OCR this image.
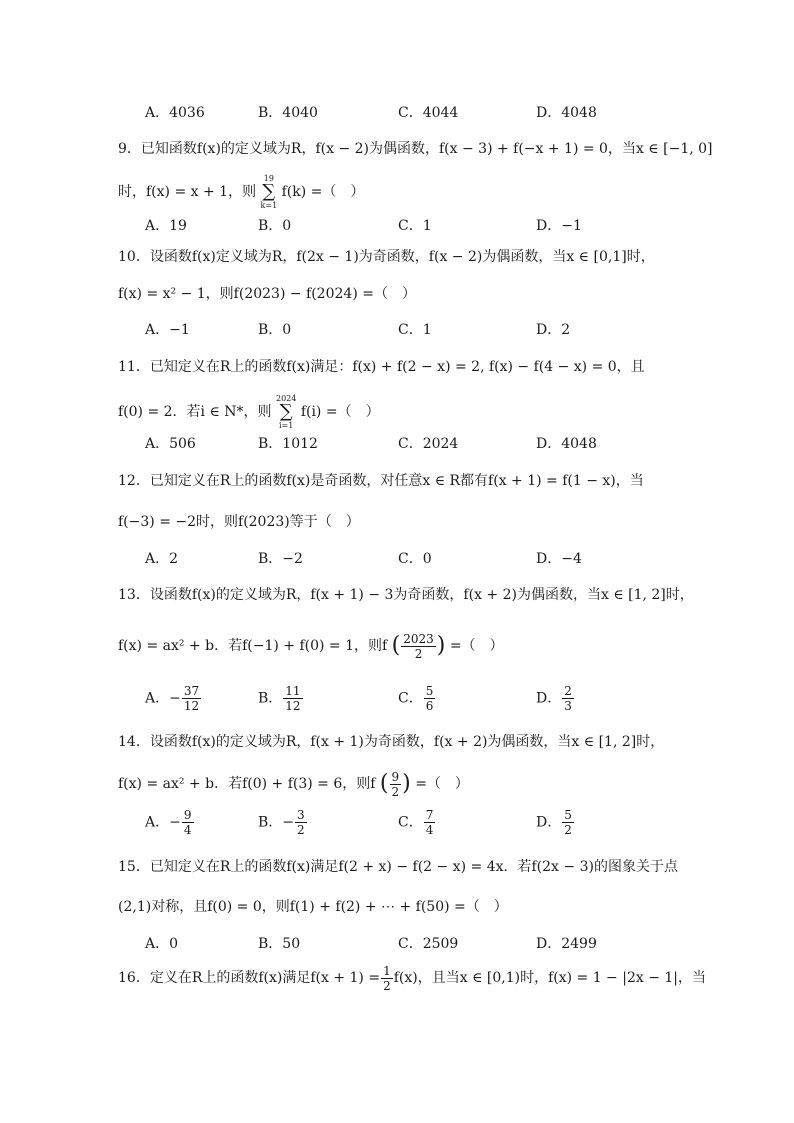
A．4036	B．4040	C．4044	D．4048
9．已知函数f(x)的定义域为R，f(x − 2)为偶函数，f(x − 3) + f(−x + 1) = 0，当x ∈ [−1, 0]
时，f(x) = x + 1，则
19
∑
k=1
f(k) =（　）
A．19	B．0	C．1	D．−1
10．设函数f(x)定义域为R，f(2x − 1)为奇函数，f(x − 2)为偶函数，当x ∈ [0,1]时，
f(x) = x² − 1，则f(2023) − f(2024) =（　）
A．−1	B．0	C．1	D．2
11．已知定义在R上的函数f(x)满足：f(x) + f(2 − x) = 2, f(x) − f(4 − x) = 0，且
f(0) = 2．若i ∈ N*，则
2024
∑
i=1
f(i) =（　）
A．506	B．1012	C．2024	D．4048
12．已知定义在R上的函数f(x)是奇函数，对任意x ∈ R都有f(x + 1) = f(1 − x)，当
f(−3) = −2时，则f(2023)等于（　）
A．2	B．−2	C．0	D．−4
13．设函数f(x)的定义域为R，f(x + 1) − 3为奇函数，f(x + 2)为偶函数，当x ∈ [1, 2]时，
f(x) = ax² + b．若f(−1) + f(0) = 1，则f ( $\frac{2023}{2}$ ) =（　）
A．− $\frac{37}{12}$	B． $\frac{11}{12}$	C． $\frac{5}{6}$	D． $\frac{2}{3}$
14．设函数f(x)的定义域为R，f(x + 1)为奇函数，f(x + 2)为偶函数，当x ∈ [1, 2]时，
f(x) = ax² + b．若f(0) + f(3) = 6，则f ( $\frac{9}{2}$ ) =（　）
A．− $\frac{9}{4}$	B．− $\frac{3}{2}$	C． $\frac{7}{4}$	D． $\frac{5}{2}$
15．已知定义在R上的函数f(x)满足f(2 + x) − f(2 − x) = 4x．若f(2x − 3)的图象关于点
(2,1)对称，且f(0) = 0，则f(1) + f(2) + ⋯ + f(50) =（　）
A．0	B．50	C．2509	D．2499
16．定义在R上的函数f(x)满足$f(x + 1) = \frac{1}{2} f(x)$，且当x ∈ [0,1)时，f(x) = 1 − |2x − 1|，当
